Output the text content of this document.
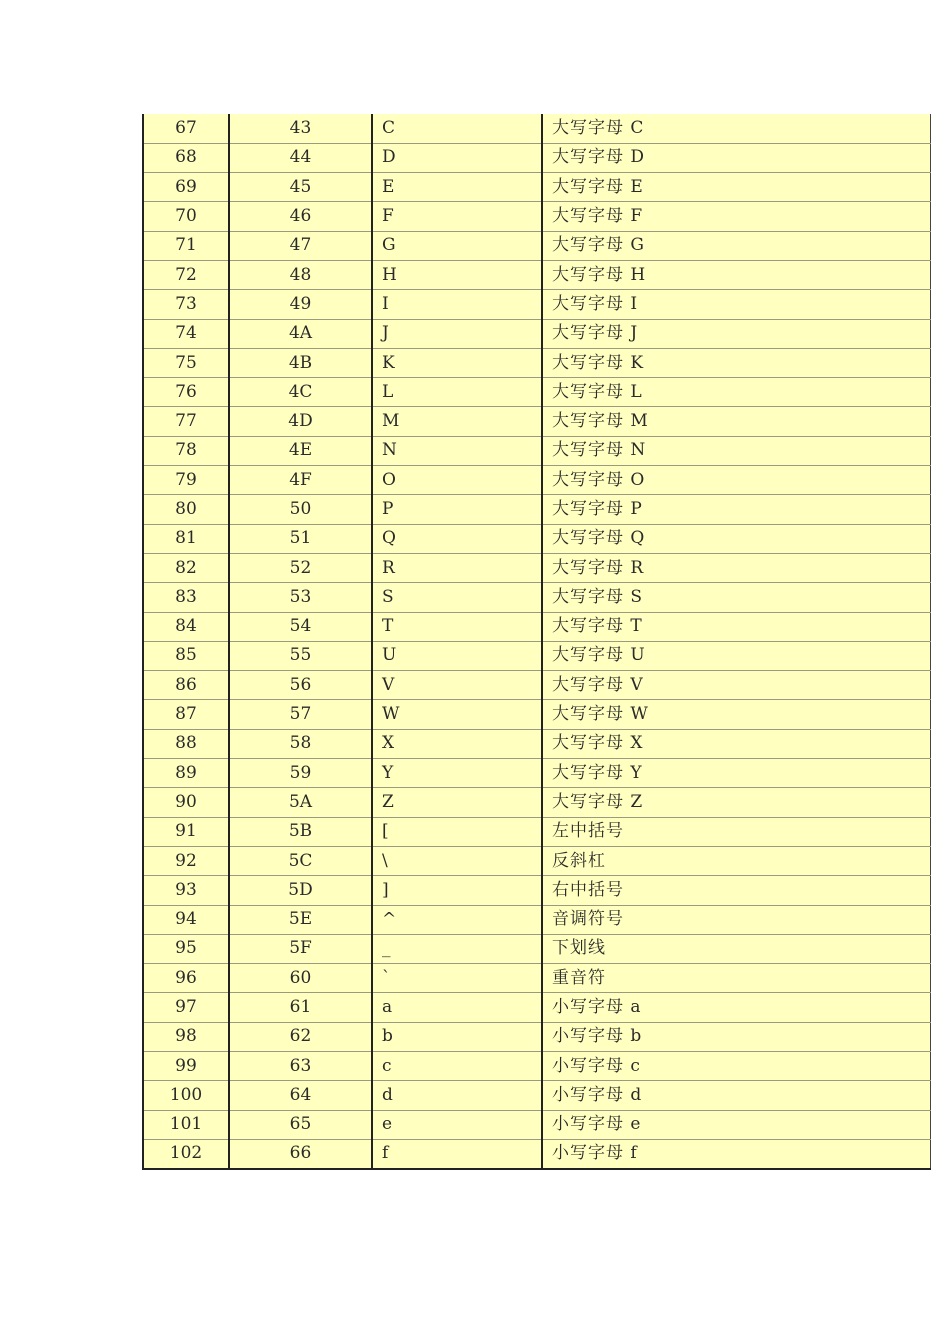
67	43	C	大写字母 C
68	44	D	大写字母 D
69	45	E	大写字母 E
70	46	F	大写字母 F
71	47	G	大写字母 G
72	48	H	大写字母 H
73	49	I	大写字母 I
74	4A	J	大写字母 J
75	4B	K	大写字母 K
76	4C	L	大写字母 L
77	4D	M	大写字母 M
78	4E	N	大写字母 N
79	4F	O	大写字母 O
80	50	P	大写字母 P
81	51	Q	大写字母 Q
82	52	R	大写字母 R
83	53	S	大写字母 S
84	54	T	大写字母 T
85	55	U	大写字母 U
86	56	V	大写字母 V
87	57	W	大写字母 W
88	58	X	大写字母 X
89	59	Y	大写字母 Y
90	5A	Z	大写字母 Z
91	5B	[	左中括号
92	5C	\	反斜杠
93	5D	]	右中括号
94	5E	^	音调符号
95	5F	_	下划线
96	60	`	重音符
97	61	a	小写字母 a
98	62	b	小写字母 b
99	63	c	小写字母 c
100	64	d	小写字母 d
101	65	e	小写字母 e
102	66	f	小写字母 f
